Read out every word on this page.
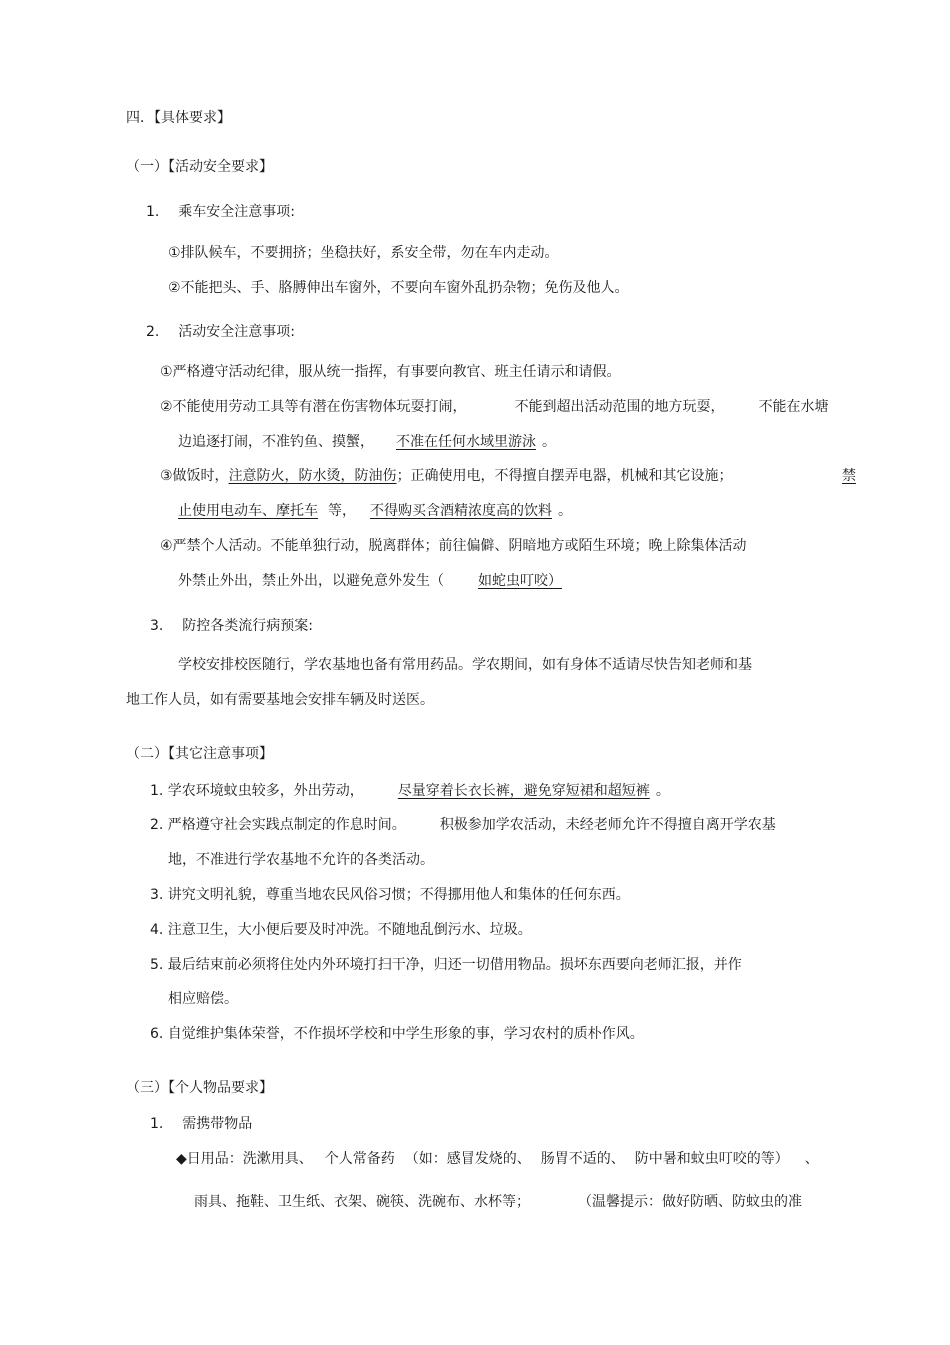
四．【具体要求】
（一）【活动安全要求】
1. 乘车安全注意事项:
①排队候车，不要拥挤；坐稳扶好，系安全带，勿在车内走动。
②不能把头、手、胳膊伸出车窗外，不要向车窗外乱扔杂物；免伤及他人。
2. 活动安全注意事项:
①严格遵守活动纪律，服从统一指挥，有事要向教官、班主任请示和请假。
②不能使用劳动工具等有潜在伤害物体玩耍打闹，	不能到超出活动范围的地方玩耍， 不能在水塘
边追逐打闹，不准钓鱼、摸蟹， 不准在任何水域里游泳 。
③做饭时，注意防火，防水烫，防油伤；正确使用电，不得擅自摆弄电器，机械和其它设施；	禁
止使用电动车、摩托车 等， 不得购买含酒精浓度高的饮料 。
④严禁个人活动。不能单独行动，脱离群体；前往偏僻、阴暗地方或陌生环境；晚上除集体活动
外禁止外出，禁止外出，以避免意外发生（ 如蛇虫叮咬）
3. 防控各类流行病预案:
学校安排校医随行，学农基地也备有常用药品。学农期间，如有身体不适请尽快告知老师和基
地工作人员，如有需要基地会安排车辆及时送医。
（二）【其它注意事项】
1. 学农环境蚊虫较多，外出劳动， 尽量穿着长衣长裤，避免穿短裙和超短裤 。
2. 严格遵守社会实践点制定的作息时间。 积极参加学农活动，未经老师允许不得擅自离开学农基
地，不准进行学农基地不允许的各类活动。
3. 讲究文明礼貌，尊重当地农民风俗习惯；不得挪用他人和集体的任何东西。
4. 注意卫生，大小便后要及时冲洗。不随地乱倒污水、垃圾。
5. 最后结束前必须将住处内外环境打扫干净，归还一切借用物品。损坏东西要向老师汇报，并作
相应赔偿。
6. 自觉维护集体荣誉，不作损坏学校和中学生形象的事，学习农村的质朴作风。
（三）【个人物品要求】
1. 需携带物品
◆日用品：洗漱用具、 个人常备药 （如：感冒发烧的、 肠胃不适的、 防中暑和蚊虫叮咬的等） 、
雨具、拖鞋、卫生纸、衣架、碗筷、洗碗布、水杯等；	（温馨提示：做好防晒、防蚊虫的准
